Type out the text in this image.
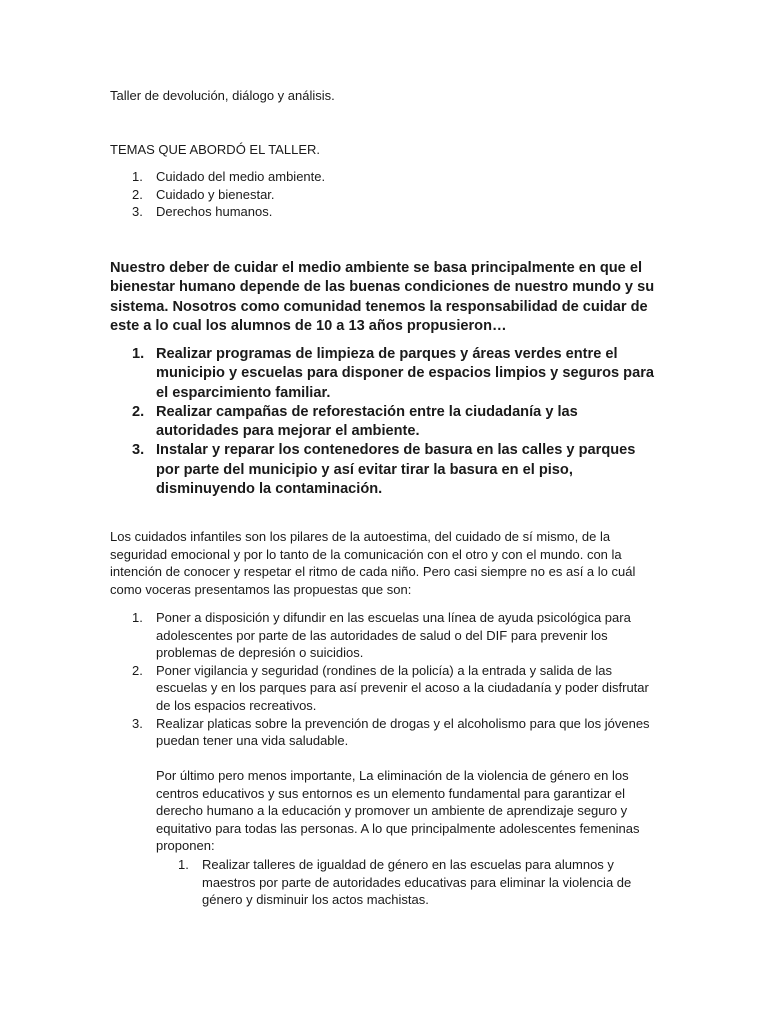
Taller de devolución, diálogo y análisis.

TEMAS QUE ABORDÓ EL TALLER.

1. Cuidado del medio ambiente.
2. Cuidado y bienestar.
3. Derechos humanos.

Nuestro deber de cuidar el medio ambiente se basa principalmente en que el bienestar humano depende de las buenas condiciones de nuestro mundo y su sistema. Nosotros como comunidad tenemos la responsabilidad de cuidar de este a lo cual los alumnos de 10 a 13 años propusieron…

1. Realizar programas de limpieza de parques y áreas verdes entre el municipio y escuelas para disponer de espacios limpios y seguros para el esparcimiento familiar.
2. Realizar campañas de reforestación entre la ciudadanía y las autoridades para mejorar el ambiente.
3. Instalar y reparar los contenedores de basura en las calles y parques por parte del municipio y así evitar tirar la basura en el piso, disminuyendo la contaminación.

Los cuidados infantiles son los pilares de la autoestima, del cuidado de sí mismo, de la seguridad emocional y por lo tanto de la comunicación con el otro y con el mundo. con la intención de conocer y respetar el ritmo de cada niño. Pero casi siempre no es así a lo cuál como voceras presentamos las propuestas que son:

1. Poner a disposición y difundir en las escuelas una línea de ayuda psicológica para adolescentes por parte de las autoridades de salud o del DIF para prevenir los problemas de depresión o suicidios.
2. Poner vigilancia y seguridad (rondines de la policía) a la entrada y salida de las escuelas y en los parques para así prevenir el acoso a la ciudadanía y poder disfrutar de los espacios recreativos.
3. Realizar platicas sobre la prevención de drogas y el alcoholismo para que los jóvenes puedan tener una vida saludable.

Por último pero menos importante, La eliminación de la violencia de género en los centros educativos y sus entornos es un elemento fundamental para garantizar el derecho humano a la educación y promover un ambiente de aprendizaje seguro y equitativo para todas las personas. A lo que principalmente adolescentes femeninas proponen:

1. Realizar talleres de igualdad de género en las escuelas para alumnos y maestros por parte de autoridades educativas para eliminar la violencia de género y disminuir los actos machistas.
